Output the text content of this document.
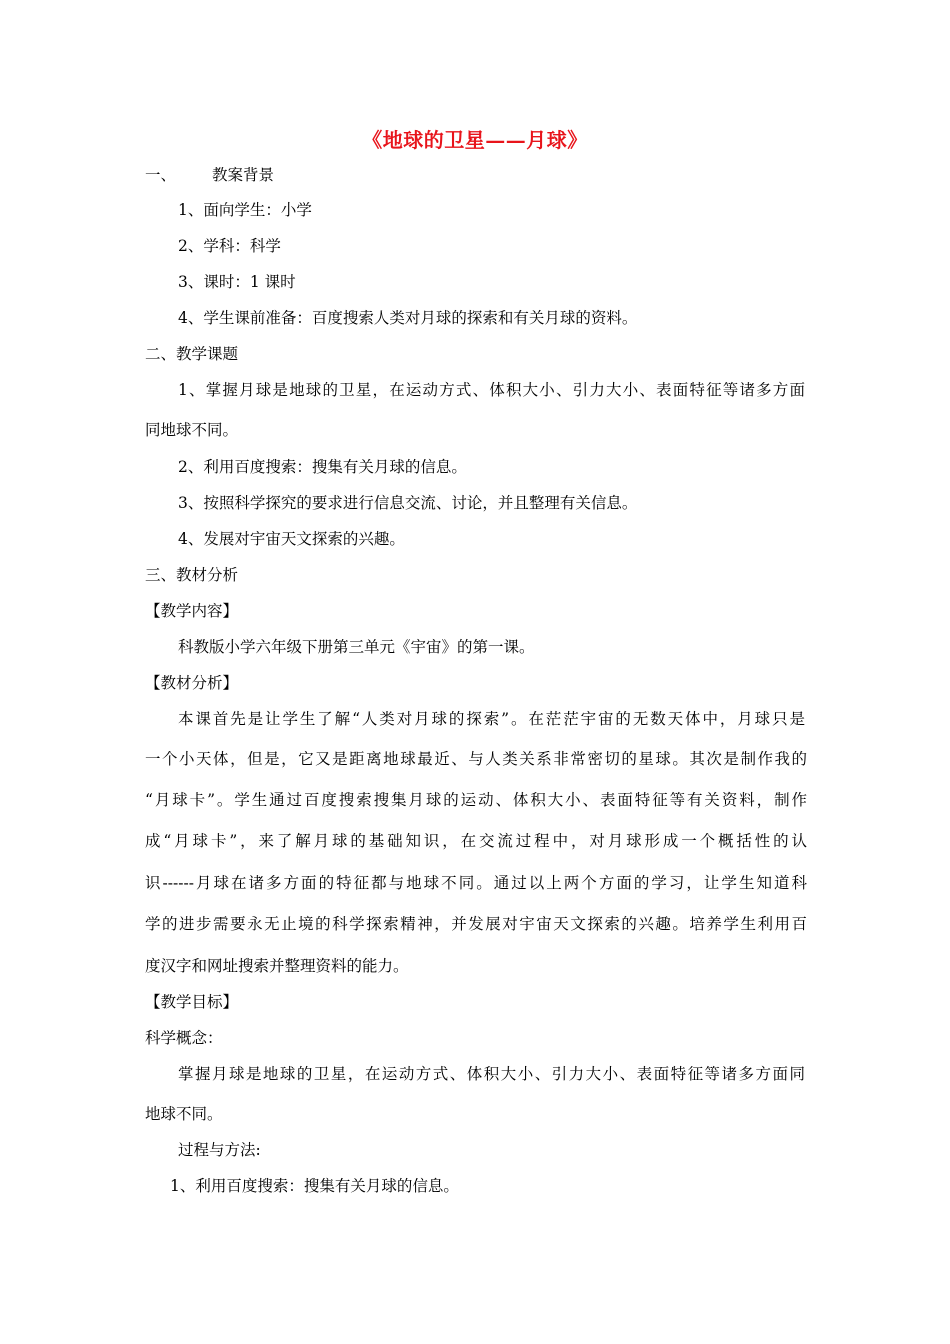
《地球的卫星——月球》
一、 教案背景
1、面向学生：小学
2、学科：科学
3、课时：1 课时
4、学生课前准备：百度搜索人类对月球的探索和有关月球的资料。
二、教学课题
1、掌握月球是地球的卫星，在运动方式、体积大小、引力大小、表面特征等诸多方面
同地球不同。
2、利用百度搜索：搜集有关月球的信息。
3、按照科学探究的要求进行信息交流、讨论，并且整理有关信息。
4、发展对宇宙天文探索的兴趣。
三、教材分析
【教学内容】
科教版小学六年级下册第三单元《宇宙》的第一课。
【教材分析】
本课首先是让学生了解“人类对月球的探索”。在茫茫宇宙的无数天体中，月球只是
一个小天体，但是，它又是距离地球最近、与人类关系非常密切的星球。其次是制作我的
“月球卡”。学生通过百度搜索搜集月球的运动、体积大小、表面特征等有关资料，制作
成“月球卡”，来了解月球的基础知识，在交流过程中，对月球形成一个概括性的认
识------月球在诸多方面的特征都与地球不同。通过以上两个方面的学习，让学生知道科
学的进步需要永无止境的科学探索精神，并发展对宇宙天文探索的兴趣。培养学生利用百
度汉字和网址搜索并整理资料的能力。
【教学目标】
科学概念：
掌握月球是地球的卫星，在运动方式、体积大小、引力大小、表面特征等诸多方面同
地球不同。
过程与方法:
1、利用百度搜索：搜集有关月球的信息。
